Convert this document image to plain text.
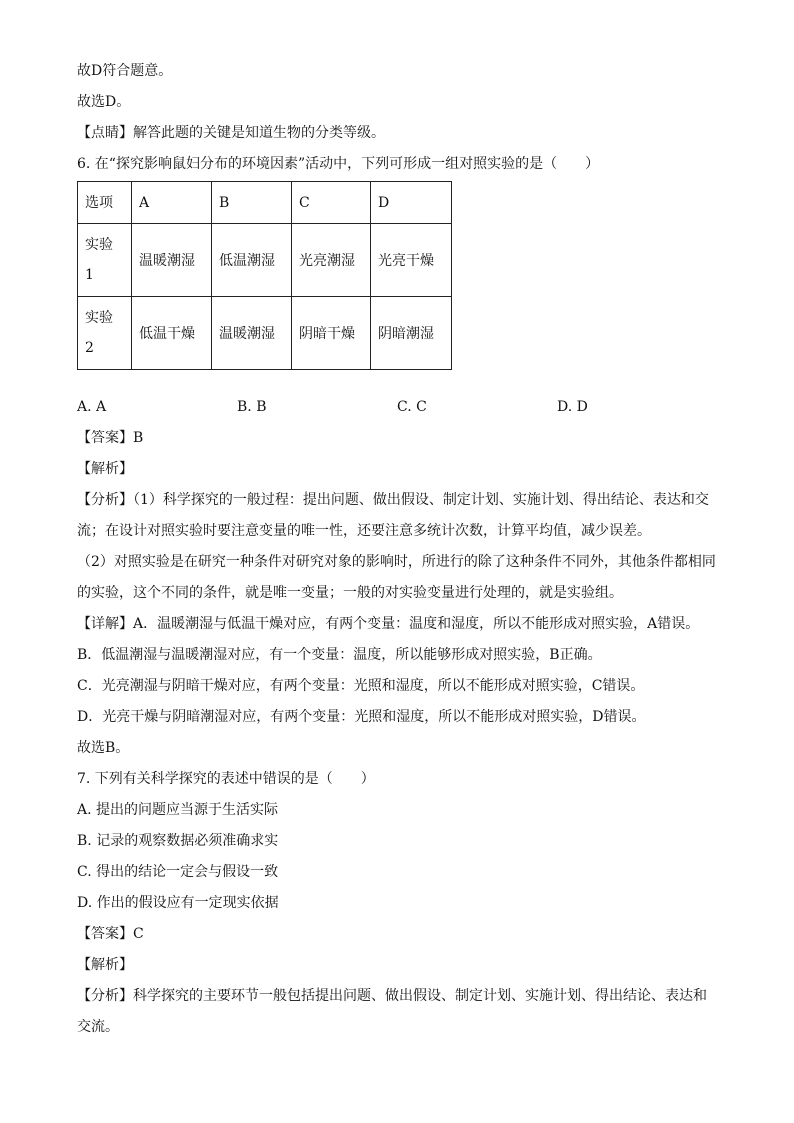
故D符合题意。
故选D。
【点睛】解答此题的关键是知道生物的分类等级。
6. 在“探究影响鼠妇分布的环境因素”活动中，下列可形成一组对照实验的是（　　）
选项	A	B	C	D
实验
1	温暖潮湿	低温潮湿	光亮潮湿	光亮干燥
实验
2	低温干燥	温暖潮湿	阴暗干燥	阴暗潮湿
A. A	B. B	C. C	D. D
【答案】B
【解析】
【分析】（1）科学探究的一般过程：提出问题、做出假设、制定计划、实施计划、得出结论、表达和交流；在设计对照实验时要注意变量的唯一性，还要注意多统计次数，计算平均值，减少误差。
（2）对照实验是在研究一种条件对研究对象的影响时，所进行的除了这种条件不同外，其他条件都相同的实验，这个不同的条件，就是唯一变量；一般的对实验变量进行处理的，就是实验组。
【详解】A．温暖潮湿与低温干燥对应，有两个变量：温度和湿度，所以不能形成对照实验，A错误。
B．低温潮湿与温暖潮湿对应，有一个变量：温度，所以能够形成对照实验，B正确。
C．光亮潮湿与阴暗干燥对应，有两个变量：光照和湿度，所以不能形成对照实验，C错误。
D．光亮干燥与阴暗潮湿对应，有两个变量：光照和湿度，所以不能形成对照实验，D错误。
故选B。
7. 下列有关科学探究的表述中错误的是（　　）
A. 提出的问题应当源于生活实际
B. 记录的观察数据必须准确求实
C. 得出的结论一定会与假设一致
D. 作出的假设应有一定现实依据
【答案】C
【解析】
【分析】科学探究的主要环节一般包括提出问题、做出假设、制定计划、实施计划、得出结论、表达和交流。
